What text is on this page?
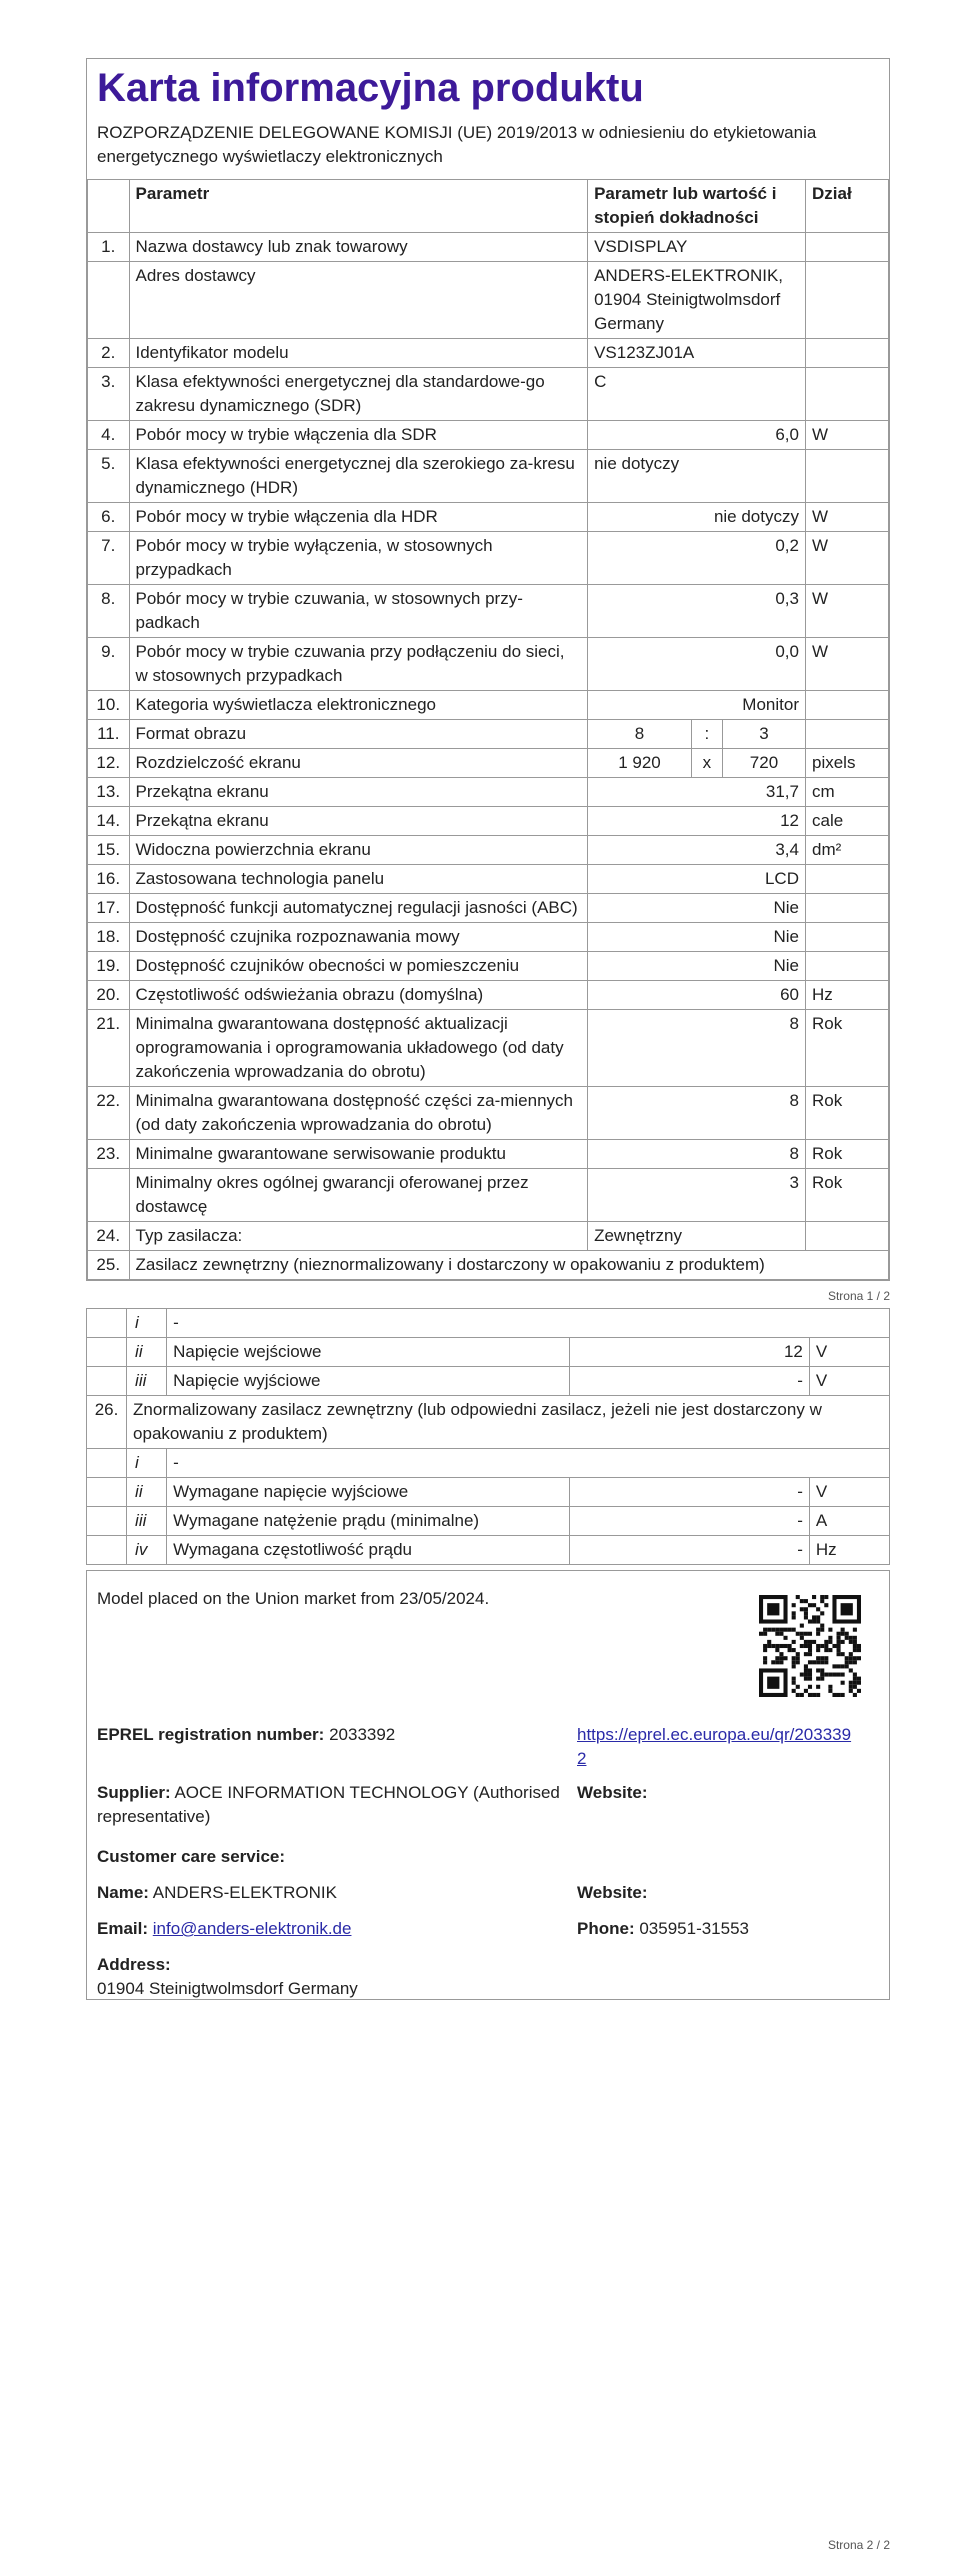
Karta informacyjna produktu
ROZPORZĄDZENIE DELEGOWANE KOMISJI (UE) 2019/2013 w odniesieniu do etykietowania energetycznego wyświetlaczy elektronicznych
	Parametr	Parametr lub wartość i stopień dokładności			Dział
1.	Nazwa dostawcy lub znak towarowy	VSDISPLAY			
	Adres dostawcy	ANDERS-ELEKTRONIK, 01904 Steinigtwolmsdorf Germany			
2.	Identyfikator modelu	VS123ZJ01A			
3.	Klasa efektywności energetycznej dla standardowe-go zakresu dynamicznego (SDR)	C			
4.	Pobór mocy w trybie włączenia dla SDR	6,0			W
5.	Klasa efektywności energetycznej dla szerokiego za-kresu dynamicznego (HDR)	nie dotyczy			
6.	Pobór mocy w trybie włączenia dla HDR	nie dotyczy			W
7.	Pobór mocy w trybie wyłączenia, w stosownych przypadkach	0,2			W
8.	Pobór mocy w trybie czuwania, w stosownych przy-padkach	0,3			W
9.	Pobór mocy w trybie czuwania przy podłączeniu do sieci, w stosownych przypadkach	0,0			W
10.	Kategoria wyświetlacza elektronicznego	Monitor			
11.	Format obrazu	8	:	3	
12.	Rozdzielczość ekranu	1 920	x	720	pixels
13.	Przekątna ekranu	31,7			cm
14.	Przekątna ekranu	12			cale
15.	Widoczna powierzchnia ekranu	3,4			dm²
16.	Zastosowana technologia panelu	LCD			
17.	Dostępność funkcji automatycznej regulacji jasności (ABC)	Nie			
18.	Dostępność czujnika rozpoznawania mowy	Nie			
19.	Dostępność czujników obecności w pomieszczeniu	Nie			
20.	Częstotliwość odświeżania obrazu (domyślna)	60			Hz
21.	Minimalna gwarantowana dostępność aktualizacji oprogramowania i oprogramowania układowego (od daty zakończenia wprowadzania do obrotu)	8			Rok
22.	Minimalna gwarantowana dostępność części za-miennych (od daty zakończenia wprowadzania do obrotu)	8			Rok
23.	Minimalne gwarantowane serwisowanie produktu	8			Rok
	Minimalny okres ogólnej gwarancji oferowanej przez dostawcę	3			Rok
24.	Typ zasilacza:	Zewnętrzny			
25.	Zasilacz zewnętrzny (nieznormalizowany i dostarczony w opakowaniu z produktem)				
Strona 1 / 2
	i	-		
	ii	Napięcie wejściowe	12	V
	iii	Napięcie wyjściowe	-	V
26.	Znormalizowany zasilacz zewnętrzny (lub odpowiedni zasilacz, jeżeli nie jest dostarczony w opakowaniu z produktem)			
	i	-		
	ii	Wymagane napięcie wyjściowe	-	V
	iii	Wymagane natężenie prądu (minimalne)	-	A
	iv	Wymagana częstotliwość prądu	-	Hz
Model placed on the Union market from 23/05/2024.
EPREL registration number: 2033392	https://eprel.ec.europa.eu/qr/2033392
Supplier: AOCE INFORMATION TECHNOLOGY (Authorised representative)
Website:
Customer care service:
Name: ANDERS-ELEKTRONIK	Website:
Email: info@anders-elektronik.de	Phone: 035951-31553
Address:
01904 Steinigtwolmsdorf Germany
Strona 2 / 2
